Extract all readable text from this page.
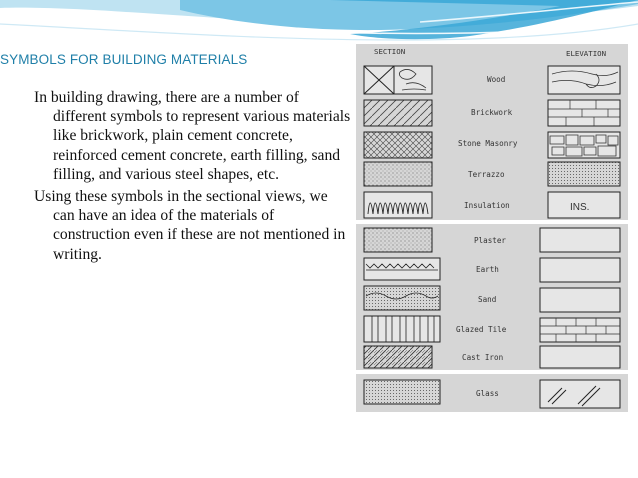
SYMBOLS FOR BUILDING MATERIALS

In building drawing, there are a number of different symbols to represent various materials like brickwork, plain cement concrete, reinforced cement concrete, earth filling, sand filling, and various steel shapes, etc.

Using these symbols in the sectional views, we can have an idea of the materials of construction even if these are not mentioned in writing.

SECTION	ELEVATION
Wood
Brickwork
Stone Masonry
Terrazzo
Insulation	INS.
Plaster
Earth
Sand
Glazed Tile
Cast Iron
Glass
